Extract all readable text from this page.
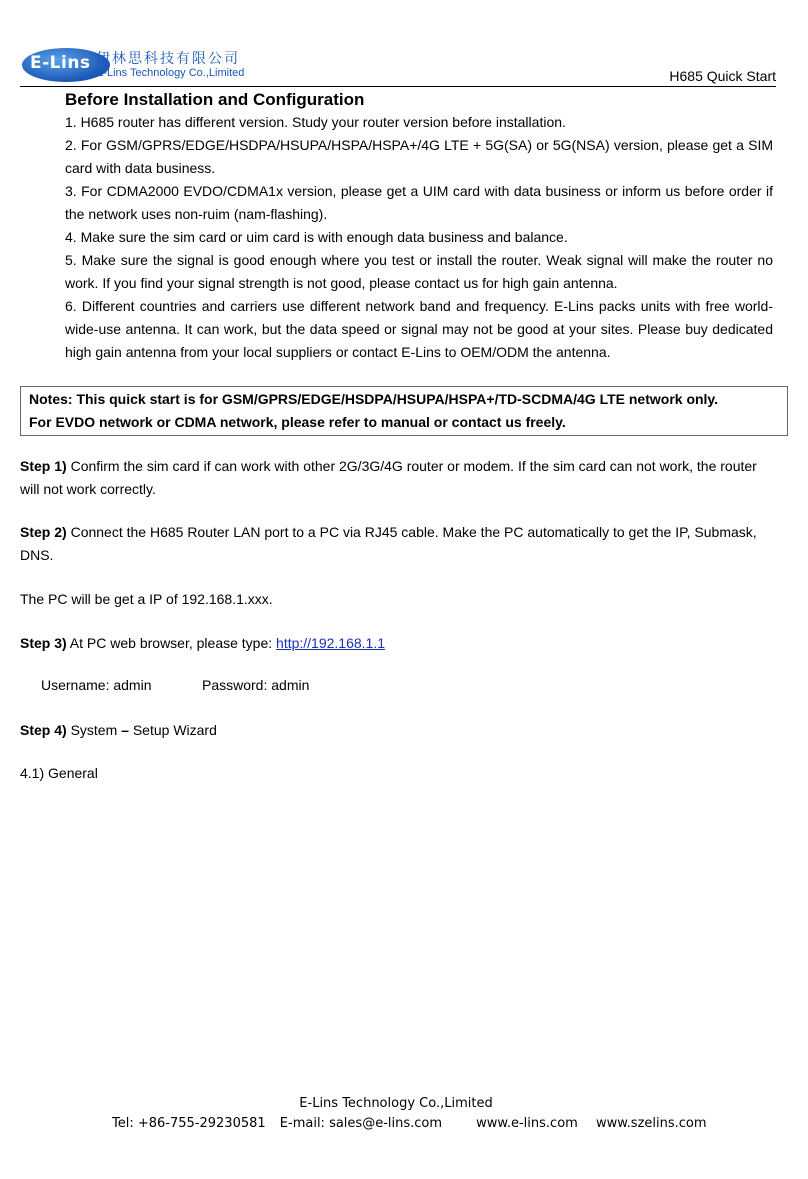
E-Lins 伊林思科技有限公司
E-Lins Technology Co.,Limited	H685 Quick Start
Before Installation and Configuration

1. H685 router has different version. Study your router version before installation.

2. For GSM/GPRS/EDGE/HSDPA/HSUPA/HSPA/HSPA+/4G LTE + 5G(SA) or 5G(NSA) version, please get a SIM card with data business.

3. For CDMA2000 EVDO/CDMA1x version, please get a UIM card with data business or inform us before order if the network uses non-ruim (nam-flashing).

4. Make sure the sim card or uim card is with enough data business and balance.

5. Make sure the signal is good enough where you test or install the router. Weak signal will make the router no work. If you find your signal strength is not good, please contact us for high gain antenna.

6. Different countries and carriers use different network band and frequency. E-Lins packs units with free world-wide-use antenna. It can work, but the data speed or signal may not be good at your sites. Please buy dedicated high gain antenna from your local suppliers or contact E-Lins to OEM/ODM the antenna.

Notes: This quick start is for GSM/GPRS/EDGE/HSDPA/HSUPA/HSPA+/TD-SCDMA/4G LTE network only.

For EVDO network or CDMA network, please refer to manual or contact us freely.

Step 1) Confirm the sim card if can work with other 2G/3G/4G router or modem. If the sim card can not work, the router will not work correctly.
Step 2) Connect the H685 Router LAN port to a PC via RJ45 cable. Make the PC automatically to get the IP, Submask, DNS.
The PC will be get a IP of 192.168.1.xxx.
Step 3) At PC web browser, please type: http://192.168.1.1
Username: admin	Password: admin
Step 4) System – Setup Wizard
4.1) General
E-Lins Technology Co.,Limited
Tel: +86-755-29230581 E-mail: sales@e-lins.com	www.e-lins.com www.szelins.com
